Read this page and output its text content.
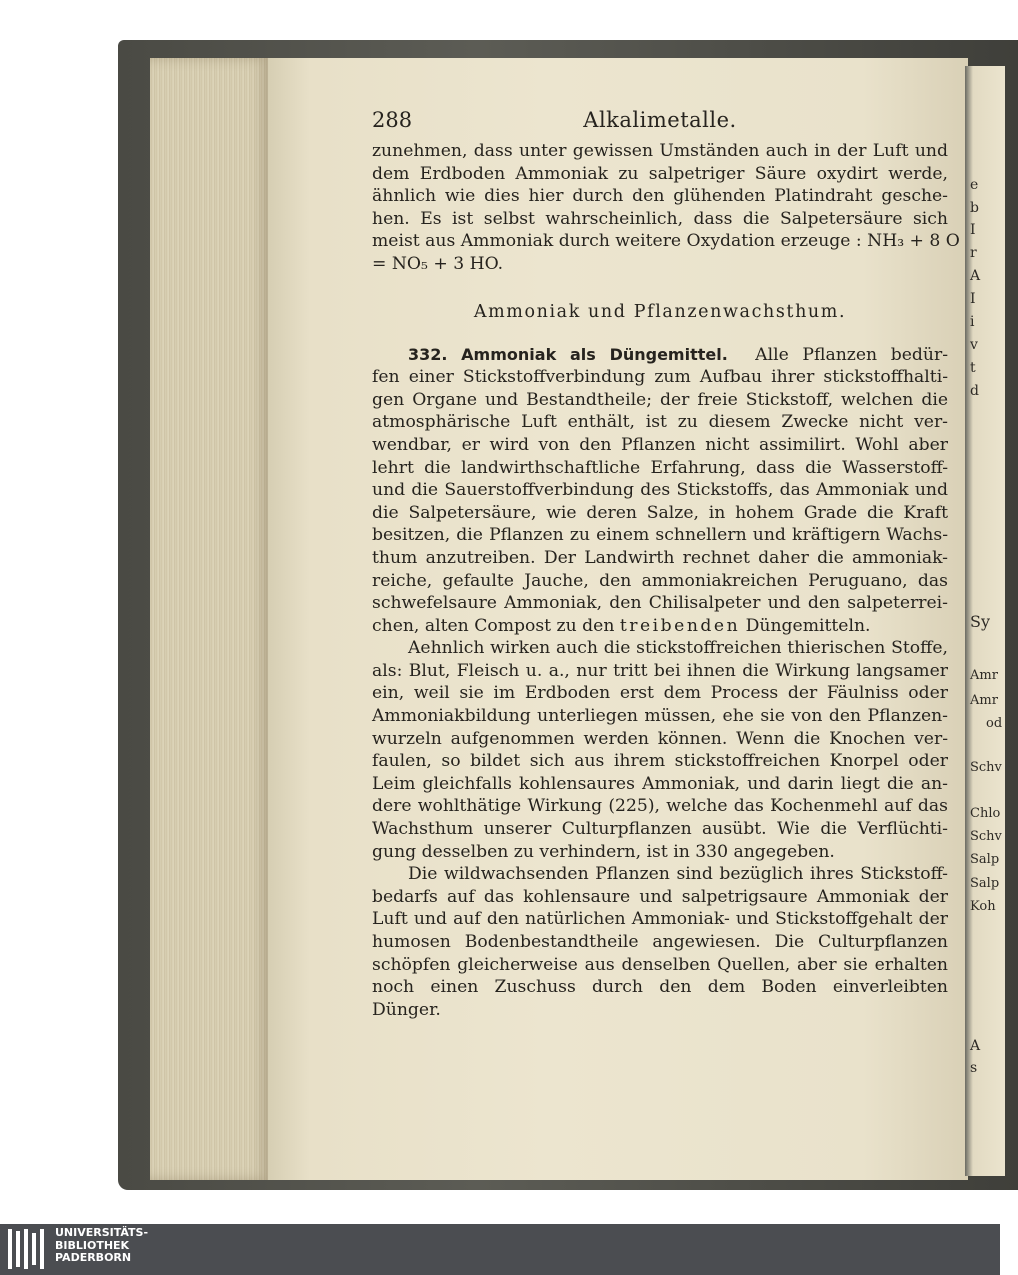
e
b
I
r
A
I
i
v
t
d
Sy
Amr
Amr
od
Schv
Chlo
Schv
Salp
Salp
Koh
A
s
288	Alkalimetalle.
zunehmen, dass unter gewissen Umständen auch in der Luft und
dem Erdboden Ammoniak zu salpetriger Säure oxydirt werde,
ähnlich wie dies hier durch den glühenden Platindraht gesche-
hen. Es ist selbst wahrscheinlich, dass die Salpetersäure sich
meist aus Ammoniak durch weitere Oxydation erzeuge : NH₃ + 8 O
= NO₅ + 3 HO.
Ammoniak und Pflanzenwachsthum.
332. Ammoniak als Düngemittel. Alle Pflanzen bedür-
fen einer Stickstoffverbindung zum Aufbau ihrer stickstoffhalti-
gen Organe und Bestandtheile; der freie Stickstoff, welchen die
atmosphärische Luft enthält, ist zu diesem Zwecke nicht ver-
wendbar, er wird von den Pflanzen nicht assimilirt. Wohl aber
lehrt die landwirthschaftliche Erfahrung, dass die Wasserstoff-
und die Sauerstoffverbindung des Stickstoffs, das Ammoniak und
die Salpetersäure, wie deren Salze, in hohem Grade die Kraft
besitzen, die Pflanzen zu einem schnellern und kräftigern Wachs-
thum anzutreiben. Der Landwirth rechnet daher die ammoniak-
reiche, gefaulte Jauche, den ammoniakreichen Peruguano, das
schwefelsaure Ammoniak, den Chilisalpeter und den salpeterrei-
chen, alten Compost zu den treibenden Düngemitteln.
Aehnlich wirken auch die stickstoffreichen thierischen Stoffe,
als: Blut, Fleisch u. a., nur tritt bei ihnen die Wirkung langsamer
ein, weil sie im Erdboden erst dem Process der Fäulniss oder
Ammoniakbildung unterliegen müssen, ehe sie von den Pflanzen-
wurzeln aufgenommen werden können. Wenn die Knochen ver-
faulen, so bildet sich aus ihrem stickstoffreichen Knorpel oder
Leim gleichfalls kohlensaures Ammoniak, und darin liegt die an-
dere wohlthätige Wirkung (225), welche das Kochenmehl auf das
Wachsthum unserer Culturpflanzen ausübt. Wie die Verflüchti-
gung desselben zu verhindern, ist in 330 angegeben.
Die wildwachsenden Pflanzen sind bezüglich ihres Stickstoff-
bedarfs auf das kohlensaure und salpetrigsaure Ammoniak der
Luft und auf den natürlichen Ammoniak- und Stickstoffgehalt der
humosen Bodenbestandtheile angewiesen. Die Culturpflanzen
schöpfen gleicherweise aus denselben Quellen, aber sie erhalten
noch einen Zuschuss durch den dem Boden einverleibten
Dünger.
UNIVERSITÄTS-
BIBLIOTHEK
PADERBORN
